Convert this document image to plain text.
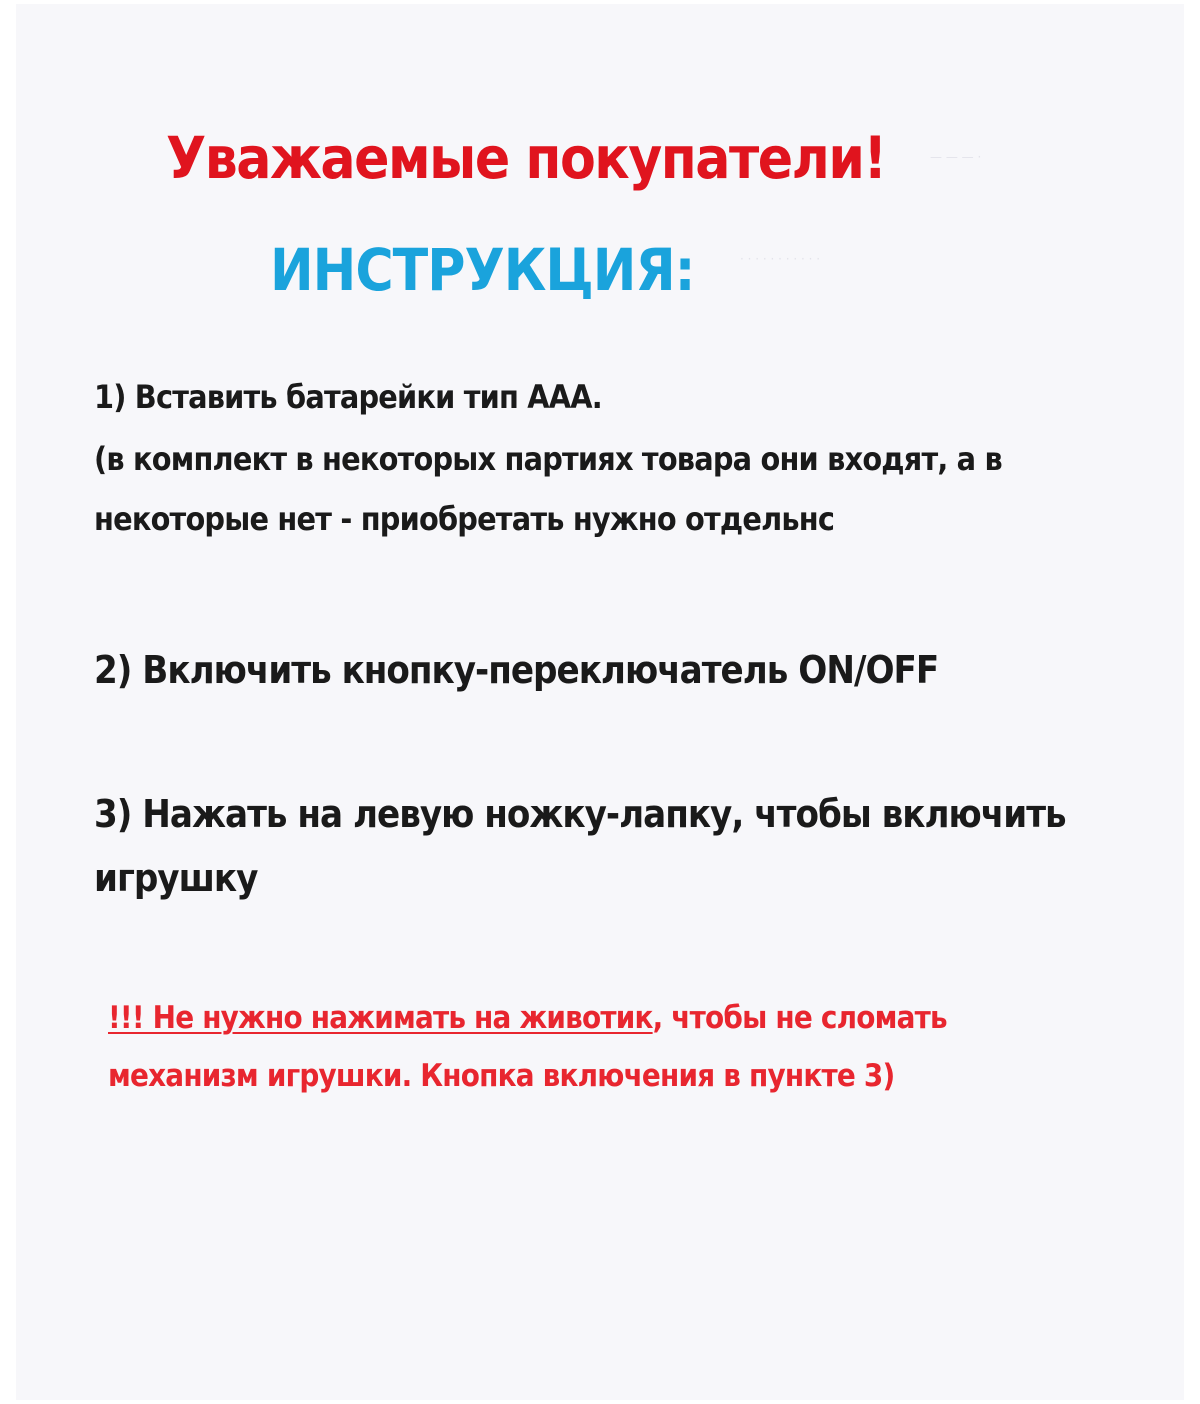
— — — ·
· · · · · · · · · · ·
Уважаемые покупатели!
ИНСТРУКЦИЯ:

1) Вставить батарейки тип ААА.

(в комплект в некоторых партиях товара они входят, а в

некоторые нет - приобретать нужно отдельнс

2) Включить кнопку-переключатель ON/OFF

3) Нажать на левую ножку-лапку, чтобы включить

игрушку

!!! Не нужно нажимать на животик, чтобы не сломать

механизм игрушки. Кнопка включения в пункте 3)
